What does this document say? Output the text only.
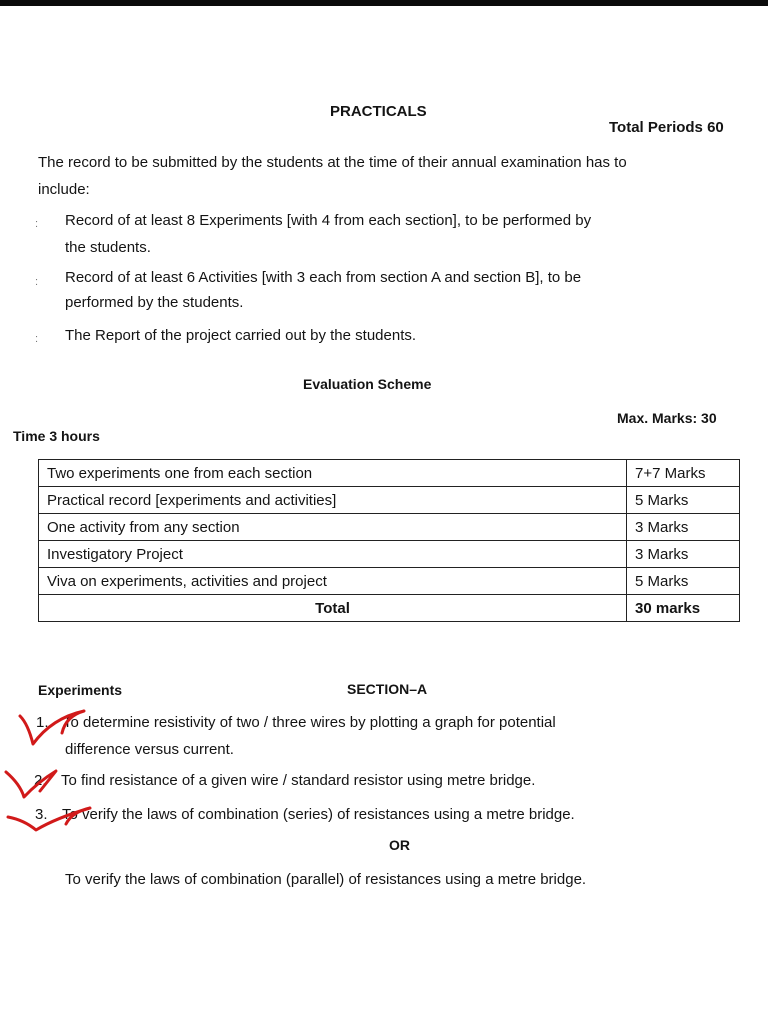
PRACTICALS
Total Periods 60
The record to be submitted by the students at the time of their annual examination has to
include:
: Record of at least 8 Experiments [with 4 from each section], to be performed by
the students.
: Record of at least 6 Activities [with 3 each from section A and section B], to be
performed by the students.
: The Report of the project carried out by the students.
Evaluation Scheme
Max. Marks: 30
Time 3 hours
Two experiments one from each section	7+7 Marks
Practical record [experiments and activities]	5 Marks
One activity from any section	3 Marks
Investigatory Project	3 Marks
Viva on experiments, activities and project	5 Marks
Total	30 marks
Experiments	SECTION–A
1. To determine resistivity of two / three wires by plotting a graph for potential
difference versus current.
2. To find resistance of a given wire / standard resistor using metre bridge.
3. To verify the laws of combination (series) of resistances using a metre bridge.
OR
To verify the laws of combination (parallel) of resistances using a metre bridge.
